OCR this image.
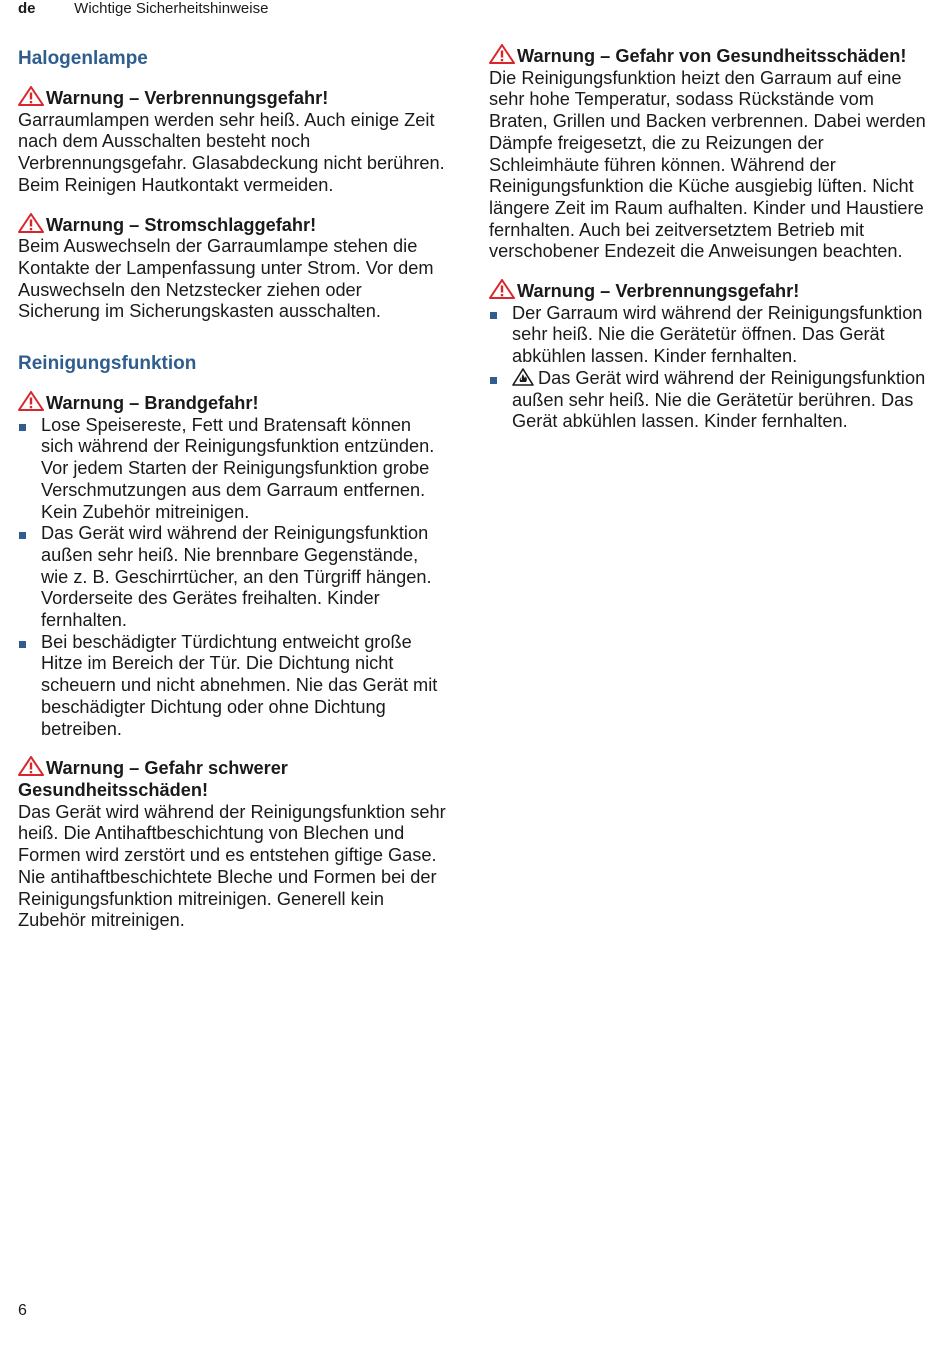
de	Wichtige Sicherheitshinweise
Halogenlampe
Warnung – Verbrennungsgefahr!

Garraumlampen werden sehr heiß. Auch einige Zeit nach dem Ausschalten besteht noch Verbrennungsgefahr. Glasabdeckung nicht berühren. Beim Reinigen Hautkontakt vermeiden.

Warnung – Stromschlaggefahr!

Beim Auswechseln der Garraumlampe stehen die Kontakte der Lampenfassung unter Strom. Vor dem Auswechseln den Netzstecker ziehen oder Sicherung im Sicherungskasten ausschalten.

Reinigungsfunktion
Warnung – Brandgefahr!
Lose Speisereste, Fett und Bratensaft können sich während der Reinigungsfunktion entzünden. Vor jedem Starten der Reinigungsfunktion grobe Verschmutzungen aus dem Garraum entfernen. Kein Zubehör mitreinigen.
Das Gerät wird während der Reinigungsfunktion außen sehr heiß. Nie brennbare Gegenstände, wie z. B. Geschirrtücher, an den Türgriff hängen. Vorderseite des Gerätes freihalten. Kinder fernhalten.
Bei beschädigter Türdichtung entweicht große Hitze im Bereich der Tür. Die Dichtung nicht scheuern und nicht abnehmen. Nie das Gerät mit beschädigter Dichtung oder ohne Dichtung betreiben.
Warnung – Gefahr schwerer Gesundheitsschäden!

Das Gerät wird während der Reinigungsfunktion sehr heiß. Die Antihaftbeschichtung von Blechen und Formen wird zerstört und es entstehen giftige Gase. Nie antihaftbeschichtete Bleche und Formen bei der Reinigungsfunktion mitreinigen. Generell kein Zubehör mitreinigen.

Warnung – Gefahr von Gesundheitsschäden!

Die Reinigungsfunktion heizt den Garraum auf eine sehr hohe Temperatur, sodass Rückstände vom Braten, Grillen und Backen verbrennen. Dabei werden Dämpfe freigesetzt, die zu Reizungen der Schleimhäute führen können. Während der Reinigungsfunktion die Küche ausgiebig lüften. Nicht längere Zeit im Raum aufhalten. Kinder und Haustiere fernhalten. Auch bei zeitversetztem Betrieb mit verschobener Endezeit die Anweisungen beachten.

Warnung – Verbrennungsgefahr!
Der Garraum wird während der Reinigungsfunktion sehr heiß. Nie die Gerätetür öffnen. Das Gerät abkühlen lassen. Kinder fernhalten.
Das Gerät wird während der Reinigungsfunktion außen sehr heiß. Nie die Gerätetür berühren. Das Gerät abkühlen lassen. Kinder fernhalten.
6
